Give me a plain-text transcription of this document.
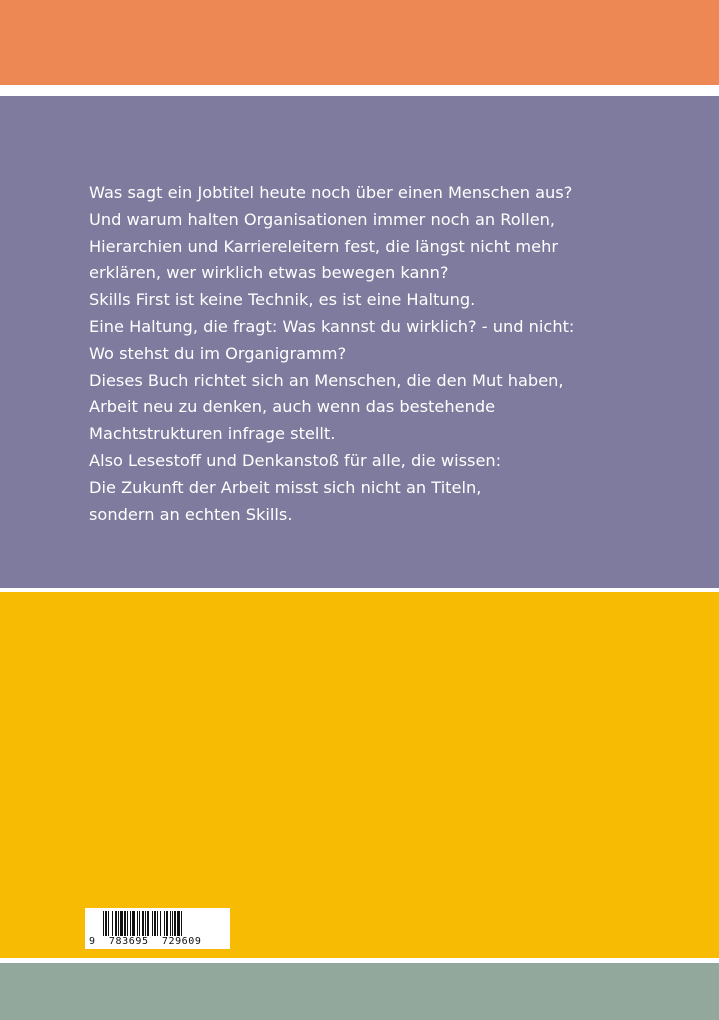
Was sagt ein Jobtitel heute noch über einen Menschen aus?
Und warum halten Organisationen immer noch an Rollen,
Hierarchien und Karriereleitern fest, die längst nicht mehr
erklären, wer wirklich etwas bewegen kann?
Skills First ist keine Technik, es ist eine Haltung.
Eine Haltung, die fragt: Was kannst du wirklich? - und nicht:
Wo stehst du im Organigramm?
Dieses Buch richtet sich an Menschen, die den Mut haben,
Arbeit neu zu denken, auch wenn das bestehende
Machtstrukturen infrage stellt.
Also Lesestoff und Denkanstoß für alle, die wissen:
Die Zukunft der Arbeit misst sich nicht an Titeln,
sondern an echten Skills.
9  783695  729609
